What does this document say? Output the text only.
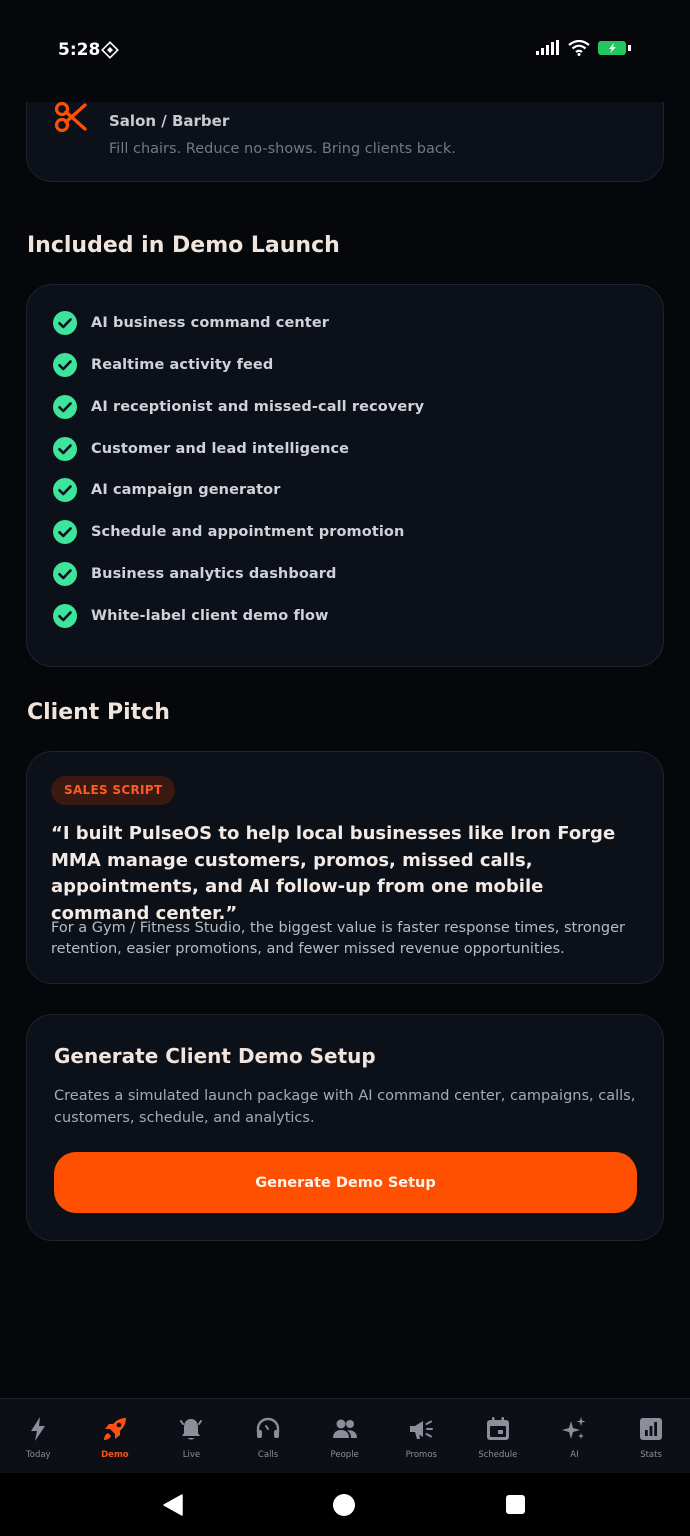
5:28
Salon / Barber
Fill chairs. Reduce no-shows. Bring clients back.
Included in Demo Launch
AI business command center
Realtime activity feed
AI receptionist and missed-call recovery
Customer and lead intelligence
AI campaign generator
Schedule and appointment promotion
Business analytics dashboard
White-label client demo flow
Client Pitch
SALES SCRIPT

“I built PulseOS to help local businesses like Iron Forge MMA manage customers, promos, missed calls, appointments, and AI follow-up from one mobile command center.”

For a Gym / Fitness Studio, the biggest value is faster response times, stronger retention, easier promotions, and fewer missed revenue opportunities.

Generate Client Demo Setup

Creates a simulated launch package with AI command center, campaigns, calls, customers, schedule, and analytics.

Generate Demo Setup
Today	Demo	Live	Calls	People	Promos	Schedule	AI	Stats
